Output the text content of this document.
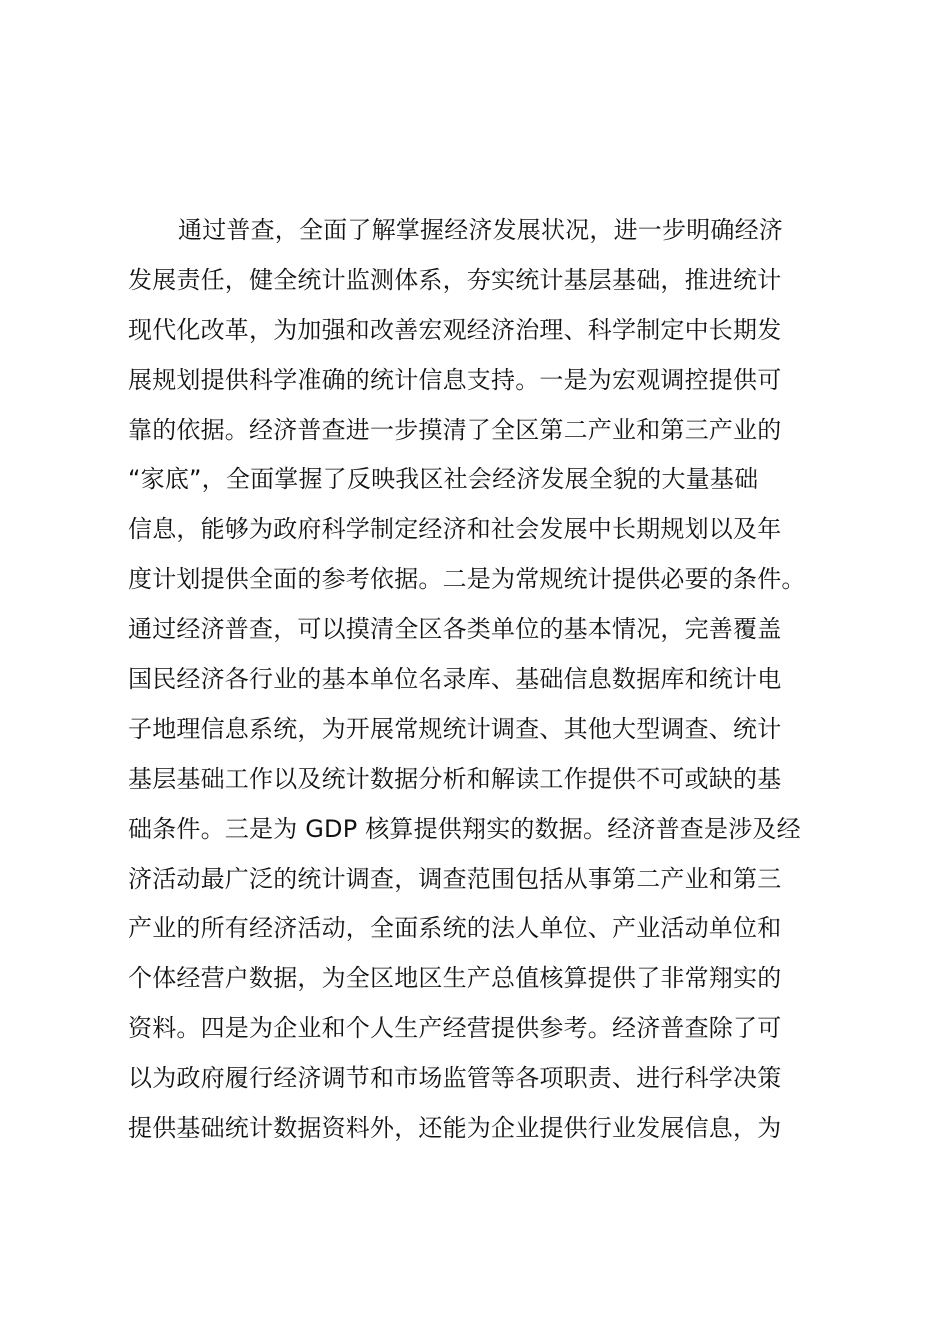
通过普查，全面了解掌握经济发展状况，进一步明确经济
发展责任，健全统计监测体系，夯实统计基层基础，推进统计
现代化改革，为加强和改善宏观经济治理、科学制定中长期发
展规划提供科学准确的统计信息支持。一是为宏观调控提供可
靠的依据。经济普查进一步摸清了全区第二产业和第三产业的
“家底”，全面掌握了反映我区社会经济发展全貌的大量基础
信息，能够为政府科学制定经济和社会发展中长期规划以及年
度计划提供全面的参考依据。二是为常规统计提供必要的条件。
通过经济普查，可以摸清全区各类单位的基本情况，完善覆盖
国民经济各行业的基本单位名录库、基础信息数据库和统计电
子地理信息系统，为开展常规统计调查、其他大型调查、统计
基层基础工作以及统计数据分析和解读工作提供不可或缺的基
础条件。三是为 GDP 核算提供翔实的数据。经济普查是涉及经
济活动最广泛的统计调查，调查范围包括从事第二产业和第三
产业的所有经济活动，全面系统的法人单位、产业活动单位和
个体经营户数据，为全区地区生产总值核算提供了非常翔实的
资料。四是为企业和个人生产经营提供参考。经济普查除了可
以为政府履行经济调节和市场监管等各项职责、进行科学决策
提供基础统计数据资料外，还能为企业提供行业发展信息，为
